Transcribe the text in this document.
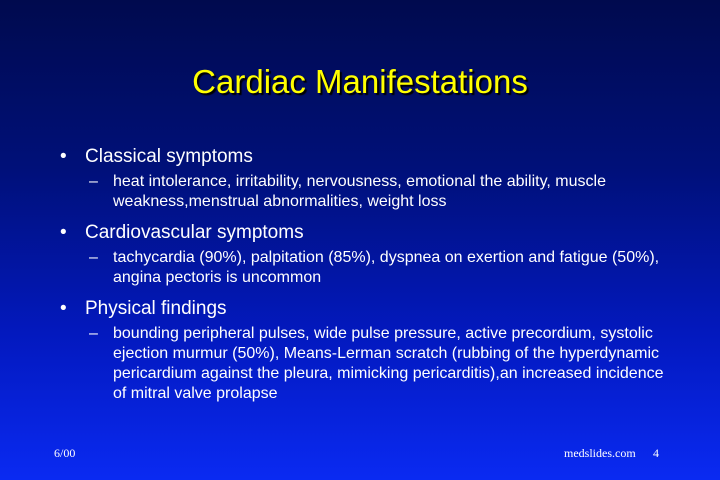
Cardiac Manifestations
• Classical symptoms
– heat intolerance, irritability, nervousness, emotional the ability, muscle weakness,menstrual abnormalities, weight loss
• Cardiovascular symptoms
– tachycardia (90%), palpitation (85%), dyspnea on exertion and fatigue (50%), angina pectoris is uncommon
• Physical findings
– bounding peripheral pulses, wide pulse pressure, active precordium, systolic ejection murmur (50%), Means-Lerman scratch (rubbing of the hyperdynamic pericardium against the pleura, mimicking pericarditis),an increased incidence of mitral valve prolapse
6/00	medslides.com 4
